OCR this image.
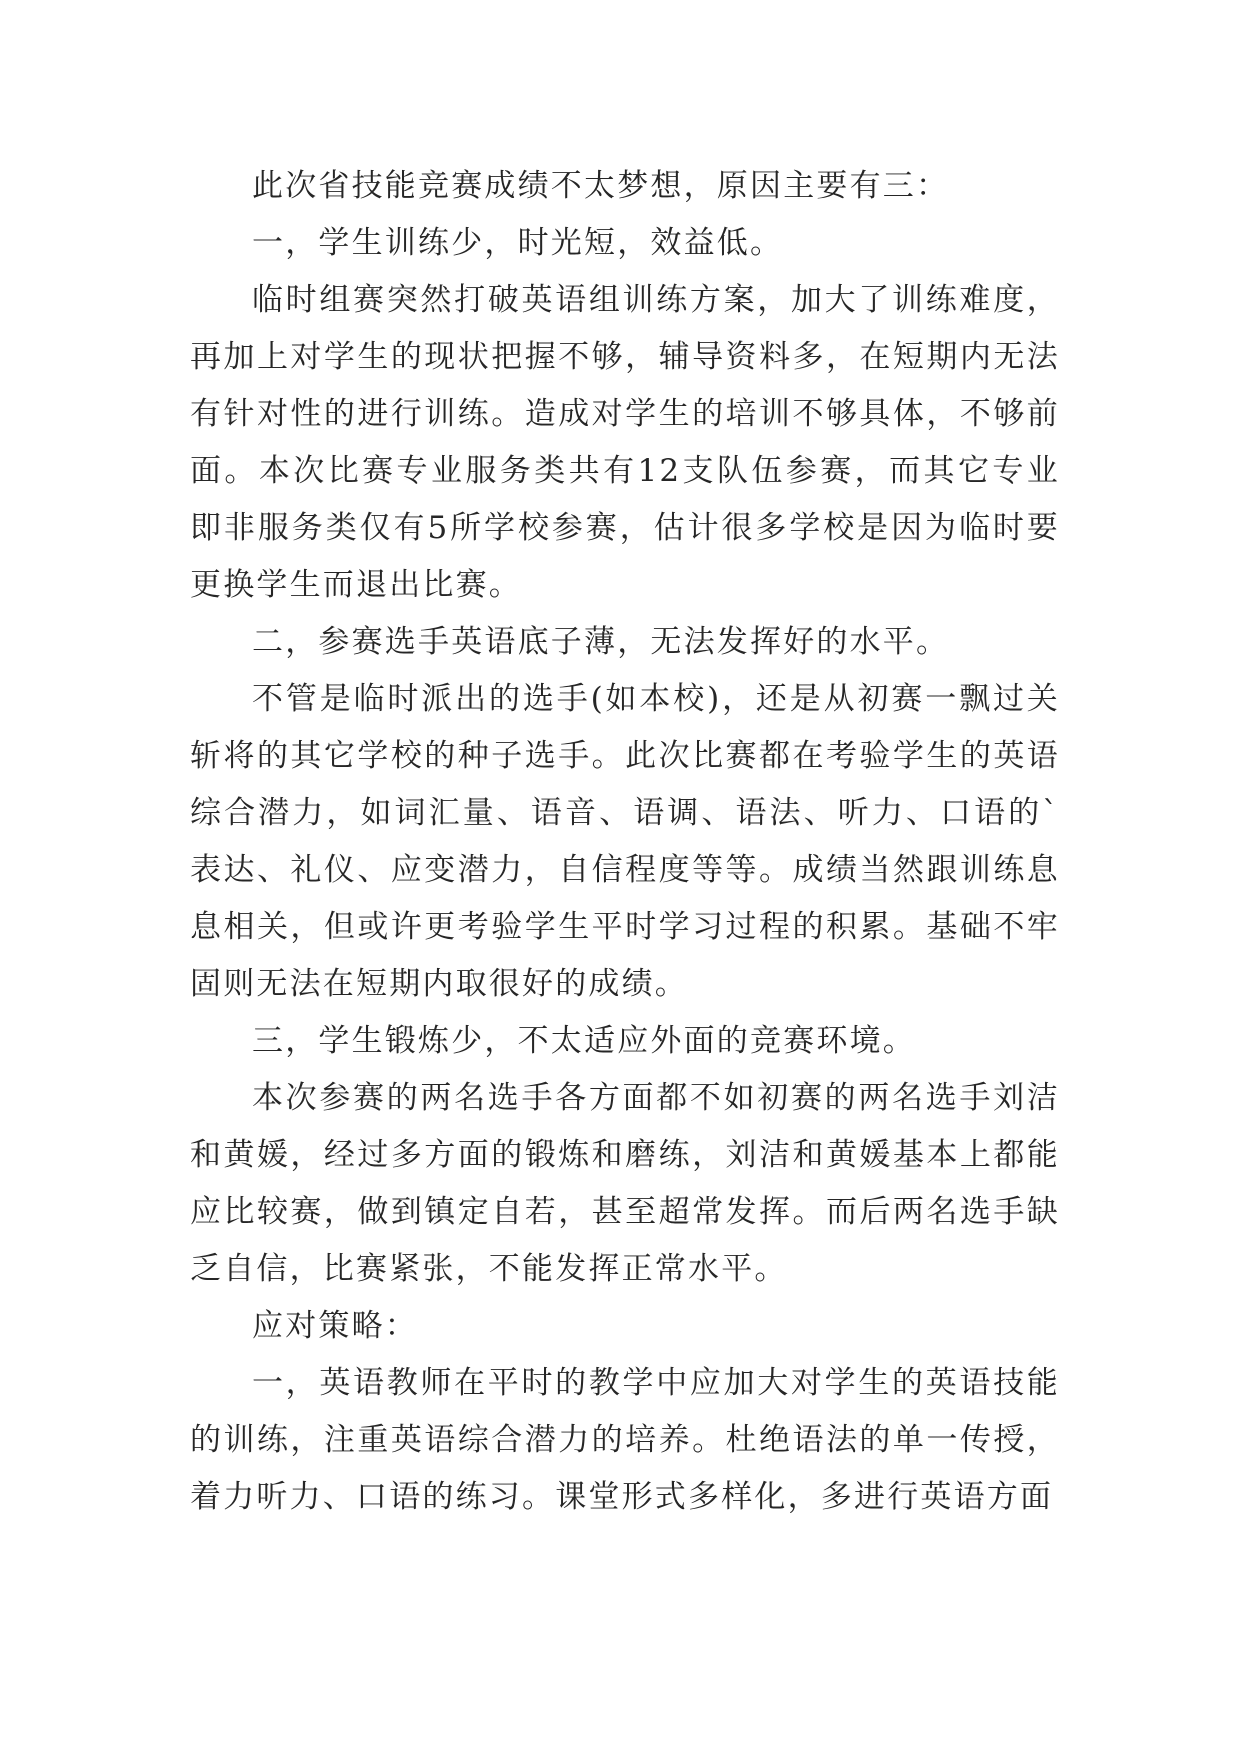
此次省技能竞赛成绩不太梦想，原因主要有三：

一，学生训练少，时光短，效益低。

临时组赛突然打破英语组训练方案，加大了训练难度，再加上对学生的现状把握不够，辅导资料多，在短期内无法有针对性的进行训练。造成对学生的培训不够具体，不够前面。本次比赛专业服务类共有12支队伍参赛，而其它专业即非服务类仅有5所学校参赛，估计很多学校是因为临时要更换学生而退出比赛。

二，参赛选手英语底子薄，无法发挥好的水平。

不管是临时派出的选手(如本校)，还是从初赛一飘过关斩将的其它学校的种子选手。此次比赛都在考验学生的英语综合潜力，如词汇量、语音、语调、语法、听力、口语的`表达、礼仪、应变潜力，自信程度等等。成绩当然跟训练息息相关，但或许更考验学生平时学习过程的积累。基础不牢固则无法在短期内取很好的成绩。

三，学生锻炼少，不太适应外面的竞赛环境。

本次参赛的两名选手各方面都不如初赛的两名选手刘洁和黄媛，经过多方面的锻炼和磨练，刘洁和黄媛基本上都能应比较赛，做到镇定自若，甚至超常发挥。而后两名选手缺乏自信，比赛紧张，不能发挥正常水平。

应对策略：

一，英语教师在平时的教学中应加大对学生的英语技能的训练，注重英语综合潜力的培养。杜绝语法的单一传授，着力听力、口语的练习。课堂形式多样化，多进行英语方面
